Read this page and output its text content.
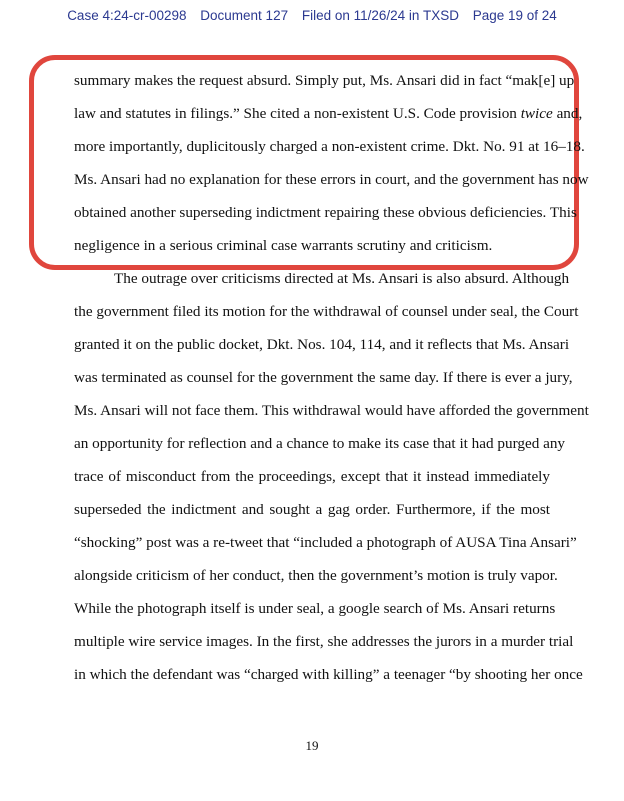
Case 4:24-cr-00298 Document 127 Filed on 11/26/24 in TXSD Page 19 of 24
summary makes the request absurd. Simply put, Ms. Ansari did in fact “mak[e] up
law and statutes in filings.” She cited a non-existent U.S. Code provision twice and,
more importantly, duplicitously charged a non-existent crime. Dkt. No. 91 at 16–18.
Ms. Ansari had no explanation for these errors in court, and the government has now
obtained another superseding indictment repairing these obvious deficiencies. This
negligence in a serious criminal case warrants scrutiny and criticism.
The outrage over criticisms directed at Ms. Ansari is also absurd. Although
the government filed its motion for the withdrawal of counsel under seal, the Court
granted it on the public docket, Dkt. Nos. 104, 114, and it reflects that Ms. Ansari
was terminated as counsel for the government the same day. If there is ever a jury,
Ms. Ansari will not face them. This withdrawal would have afforded the government
an opportunity for reflection and a chance to make its case that it had purged any
trace of misconduct from the proceedings, except that it instead immediately
superseded the indictment and sought a gag order. Furthermore, if the most
“shocking” post was a re-tweet that “included a photograph of AUSA Tina Ansari”
alongside criticism of her conduct, then the government’s motion is truly vapor.
While the photograph itself is under seal, a google search of Ms. Ansari returns
multiple wire service images. In the first, she addresses the jurors in a murder trial
in which the defendant was “charged with killing” a teenager “by shooting her once
19
